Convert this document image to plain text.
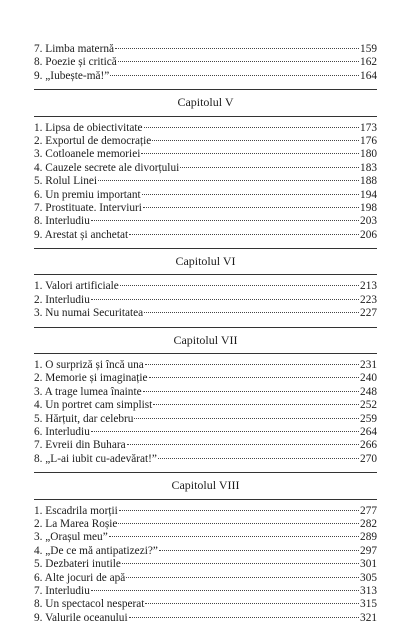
7. Limba maternă	159
8. Poezie și critică	162
9. „Iubește-mă!”	164
Capitolul V
1. Lipsa de obiectivitate	173
2. Exportul de democrație	176
3. Cotloanele memoriei	180
4. Cauzele secrete ale divorțului	183
5. Rolul Linei	188
6. Un premiu important	194
7. Prostituate. Interviuri	198
8. Interludiu	203
9. Arestat și anchetat	206
Capitolul VI
1. Valori artificiale	213
2. Interludiu	223
3. Nu numai Securitatea	227
Capitolul VII
1. O surpriză și încă una	231
2. Memorie și imaginație	240
3. A trage lumea înainte	248
4. Un portret cam simplist	252
5. Hărțuit, dar celebru	259
6. Interludiu	264
7. Evreii din Buhara	266
8. „L-ai iubit cu-adevărat!”	270
Capitolul VIII
1. Escadrila morții	277
2. La Marea Roșie	282
3. „Orașul meu”	289
4. „De ce mă antipatizezi?”	297
5. Dezbateri inutile	301
6. Alte jocuri de apă	305
7. Interludiu	313
8. Un spectacol nesperat	315
9. Valurile oceanului	321
